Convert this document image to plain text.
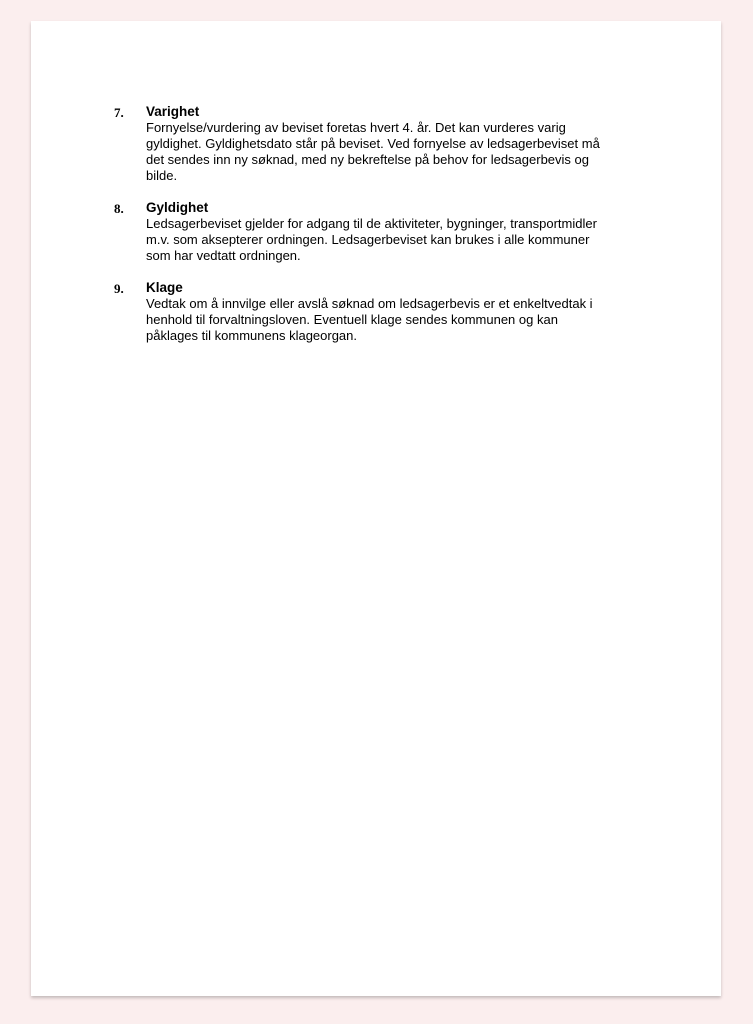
7. Varighet
Fornyelse/vurdering av beviset foretas hvert 4. år. Det kan vurderes varig
gyldighet. Gyldighetsdato står på beviset. Ved fornyelse av ledsagerbeviset må
det sendes inn ny søknad, med ny bekreftelse på behov for ledsagerbevis og
bilde.
8. Gyldighet
Ledsagerbeviset gjelder for adgang til de aktiviteter, bygninger, transportmidler
m.v. som aksepterer ordningen. Ledsagerbeviset kan brukes i alle kommuner
som har vedtatt ordningen.
9. Klage
Vedtak om å innvilge eller avslå søknad om ledsagerbevis er et enkeltvedtak i
henhold til forvaltningsloven. Eventuell klage sendes kommunen og kan
påklages til kommunens klageorgan.
